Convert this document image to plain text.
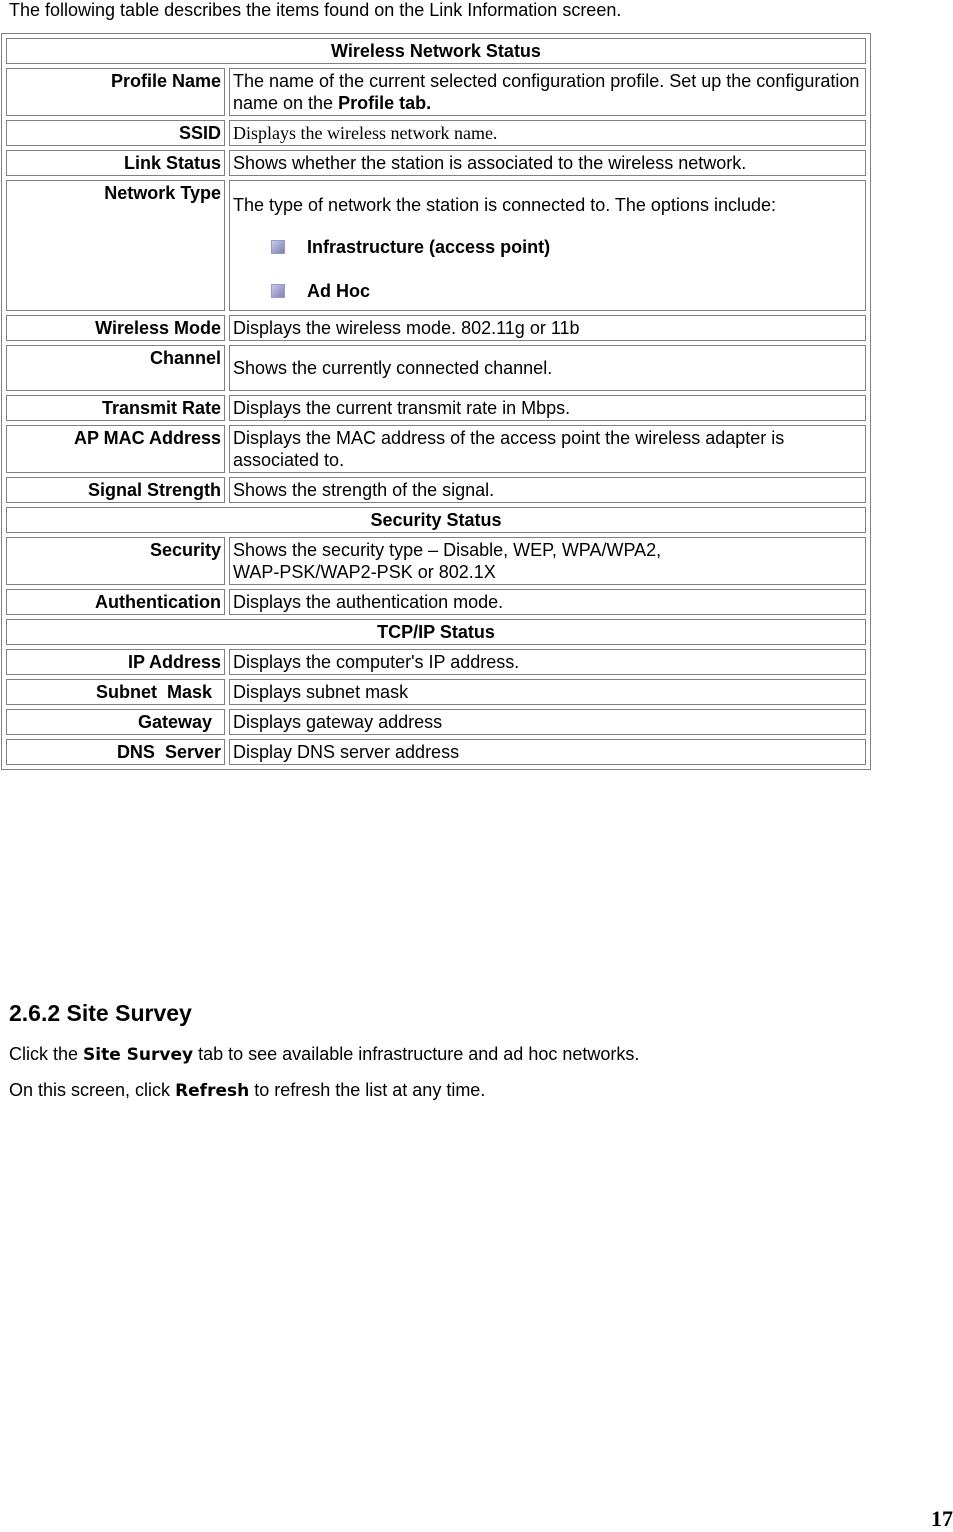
The following table describes the items found on the Link Information screen.
Wireless Network Status	
Profile Name	The name of the current selected configuration profile. Set up the configuration name on the Profile tab.
SSID	Displays the wireless network name.
Link Status	Shows whether the station is associated to the wireless network.
Network Type	The type of network the station is connected to. The options include:
Infrastructure (access point)
Ad Hoc

Wireless Mode	Displays the wireless mode. 802.11g or 11b
Channel	Shows the currently connected channel.
Transmit Rate	Displays the current transmit rate in Mbps.
AP MAC Address	Displays the MAC address of the access point the wireless adapter is associated to.
Signal Strength	Shows the strength of the signal.
Security Status	
Security	Shows the security type – Disable, WEP, WPA/WPA2,
WAP-PSK/WAP2-PSK or 802.1X

Authentication	Displays the authentication mode.
TCP/IP Status	
IP Address	Displays the computer's IP address.
Subnet  Mask	Displays subnet mask
Gateway	Displays gateway address
DNS  Server	Display DNS server address
2.6.2 Site Survey
Click the Site Survey tab to see available infrastructure and ad hoc networks.
On this screen, click Refresh to refresh the list at any time.
17
